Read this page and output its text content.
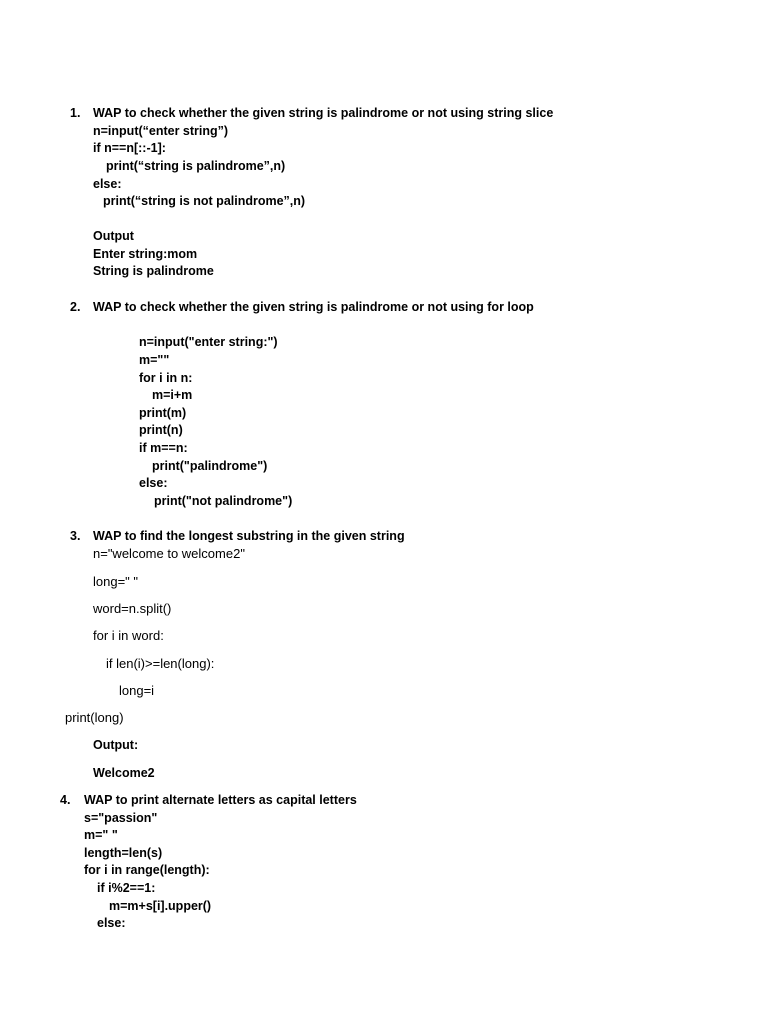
1. WAP to check whether the given string is palindrome or not using string slice
n=input(“enter string”)
if n==n[::-1]:
print(“string is palindrome”,n)
else:
print(“string is not palindrome”,n)
Output
Enter string:mom
String is palindrome
2. WAP to check whether the given string is palindrome or not using for loop
n=input("enter string:")
m=""
for i in n:
m=i+m
print(m)
print(n)
if m==n:
print("palindrome")
else:
print("not palindrome")
3. WAP to find the longest substring in the given string
n="welcome to welcome2"
long=" "
word=n.split()
for i in word:
if len(i)>=len(long):
long=i
print(long)
Output:
Welcome2
4. WAP to print alternate letters as capital letters
s="passion"
m=" "
length=len(s)
for i in range(length):
if i%2==1:
m=m+s[i].upper()
else:
